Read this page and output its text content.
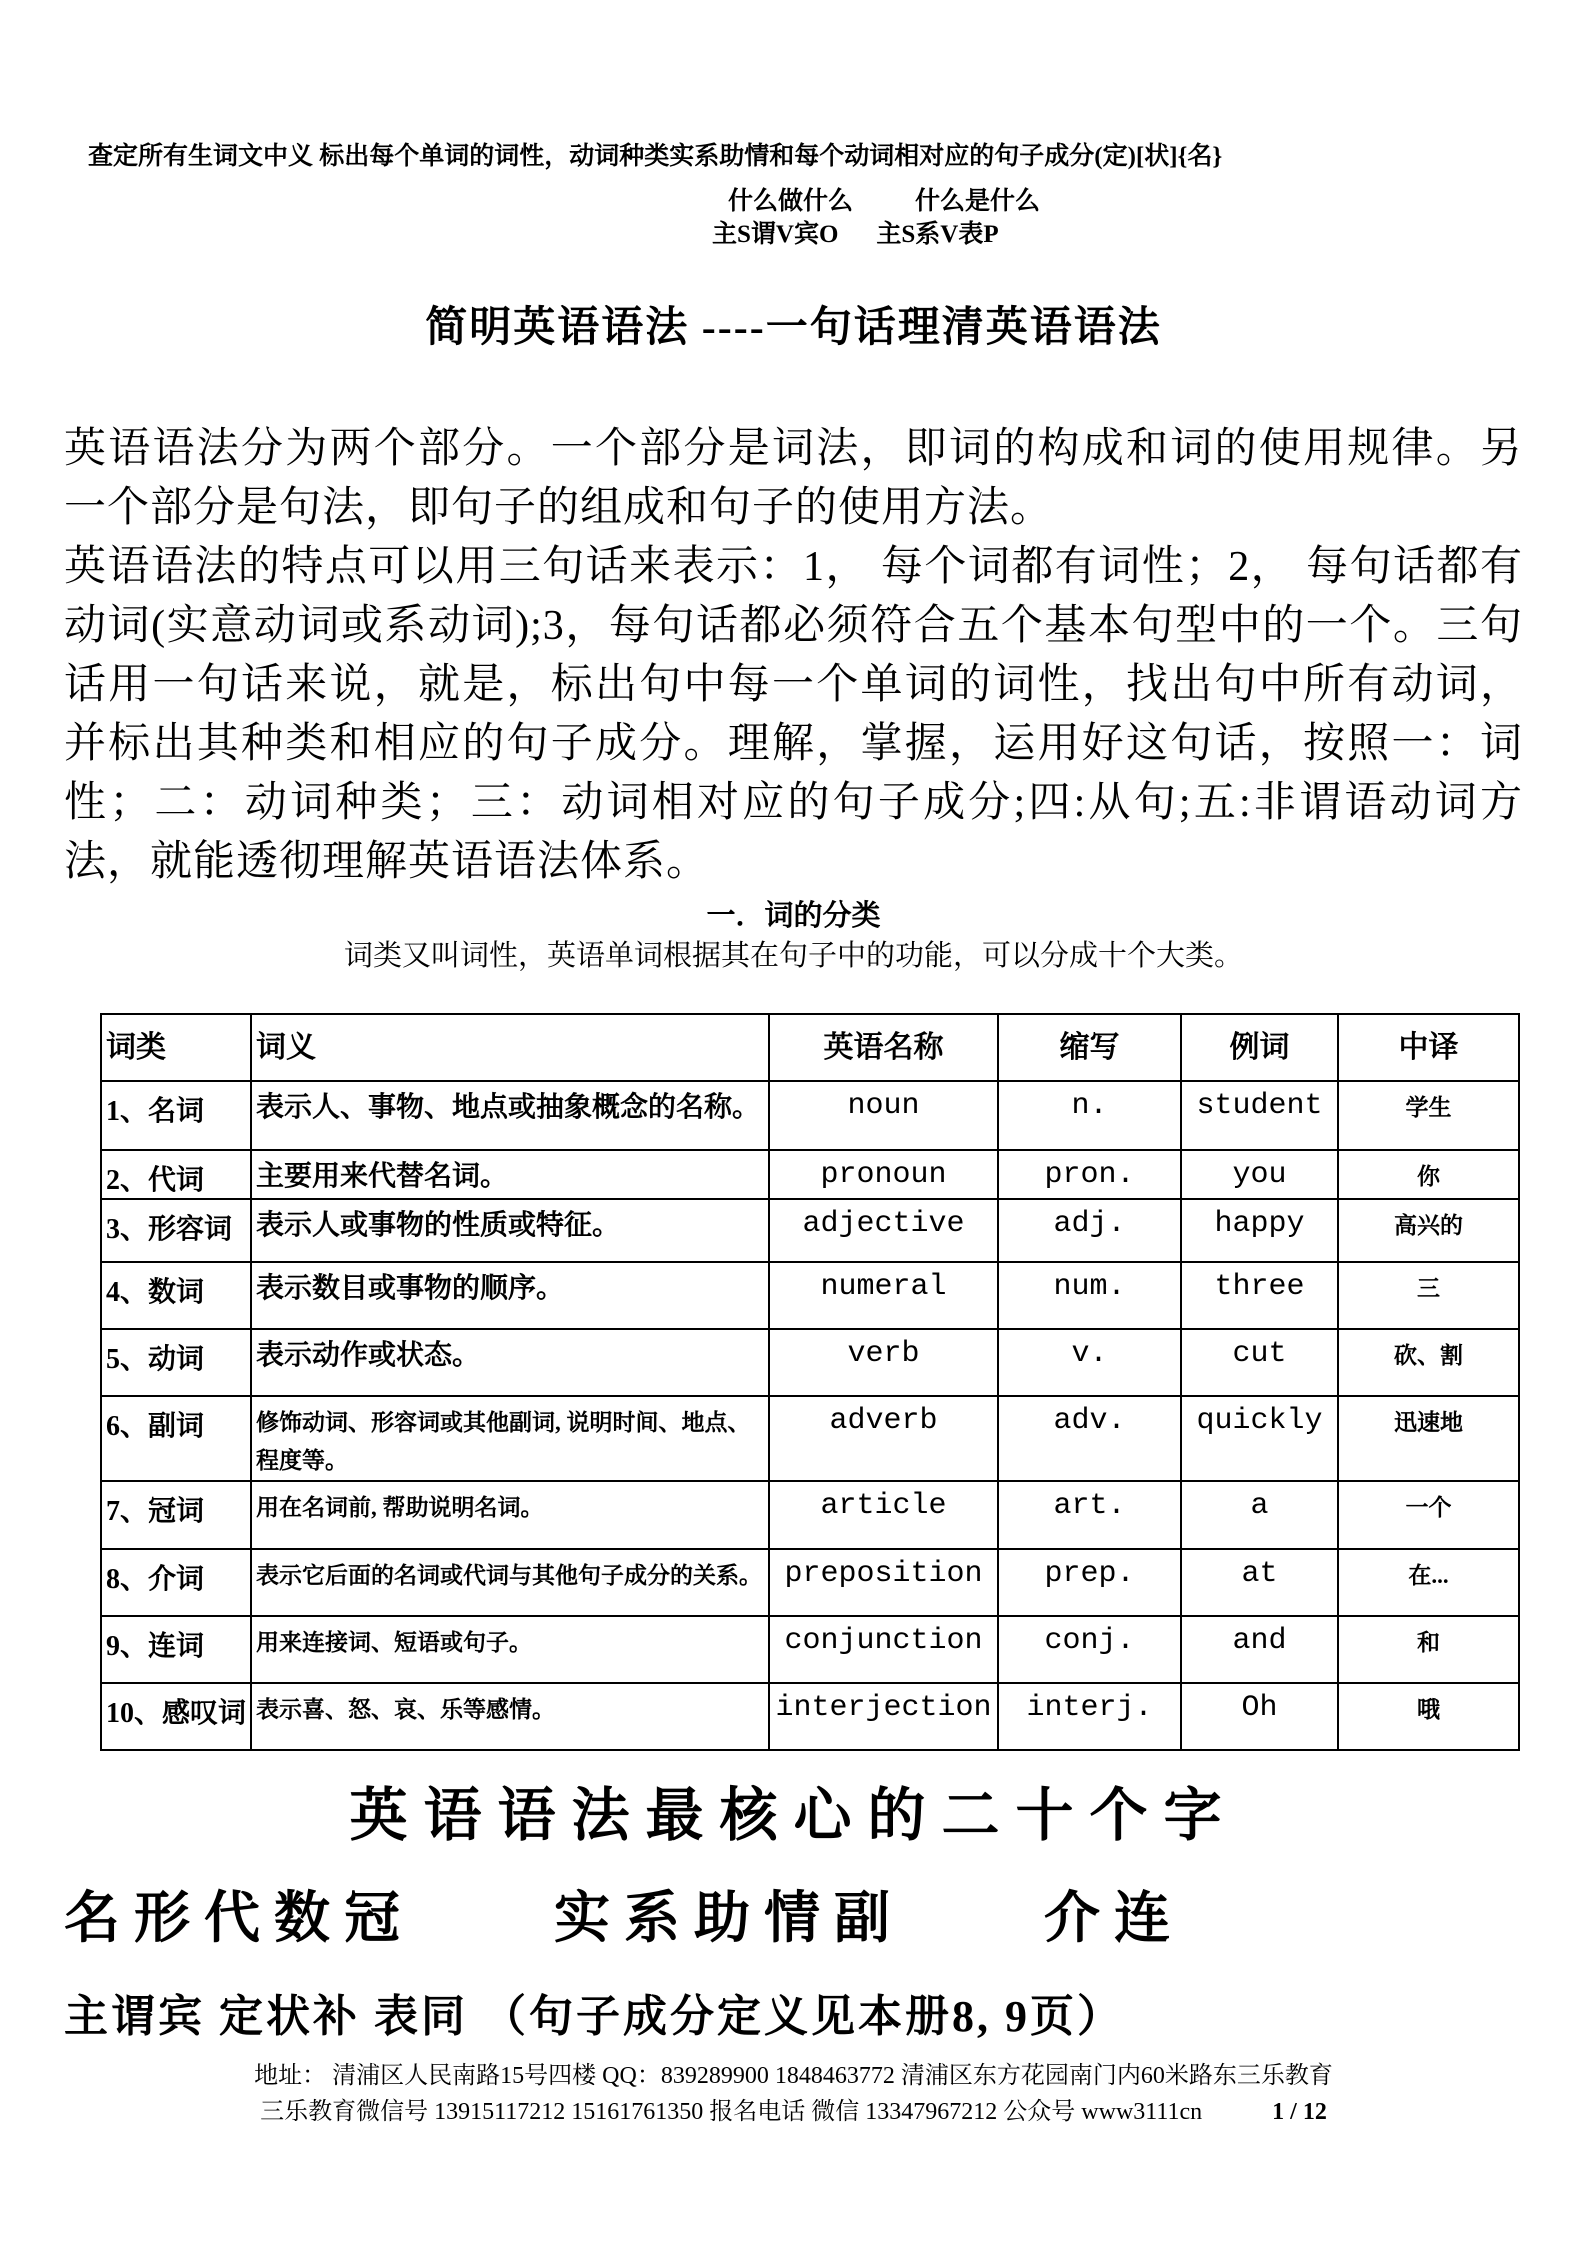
查定所有生词文中义 标出每个单词的词性，动词种类实系助情和每个动词相对应的句子成分(定)[状]{名}
什么做什么 什么是什么
主S谓V宾O 主S系V表P
简明英语语法 ----一句话理清英语语法

英语语法分为两个部分。一个部分是词法，即词的构成和词的使用规律。另一个部分是句法，即句子的组成和句子的使用方法。

英语语法的特点可以用三句话来表示：1， 每个词都有词性；2， 每句话都有动词(实意动词或系动词);3，每句话都必须符合五个基本句型中的一个。三句话用一句话来说，就是，标出句中每一个单词的词性，找出句中所有动词，并标出其种类和相应的句子成分。理解，掌握，运用好这句话，按照一：词性；二：动词种类；三：动词相对应的句子成分;四:从句;五:非谓语动词方法，就能透彻理解英语语法体系。

一．词的分类
词类又叫词性，英语单词根据其在句子中的功能，可以分成十个大类。
词类	词义	英语名称	缩写	例词	中译
1、名词	表示人、事物、地点或抽象概念的名称。	noun	n.	student	学生
2、代词	主要用来代替名词。	pronoun	pron.	you	你
3、形容词	表示人或事物的性质或特征。	adjective	adj.	happy	高兴的
4、数词	表示数目或事物的顺序。	numeral	num.	three	三
5、动词	表示动作或状态。	verb	v.	cut	砍、割
6、副词	修饰动词、形容词或其他副词, 说明时间、地点、程度等。	adverb	adv.	quickly	迅速地
7、冠词	用在名词前, 帮助说明名词。	article	art.	a	一个
8、介词	表示它后面的名词或代词与其他句子成分的关系。	preposition	prep.	at	在...
9、连词	用来连接词、短语或句子。	conjunction	conj.	and	和
10、感叹词	表示喜、怒、哀、乐等感情。	interjection	interj.	Oh	哦
英语语法最核心的二十个字
名形代数冠　　实系助情副　　介连
主谓宾 定状补 表同 （句子成分定义见本册8, 9页）
地址： 清浦区人民南路15号四楼 QQ：839289900 1848463772 清浦区东方花园南门内60米路东三乐教育
三乐教育微信号 13915117212 15161761350 报名电话 微信 13347967212 公众号 www3111cn	1 / 12
